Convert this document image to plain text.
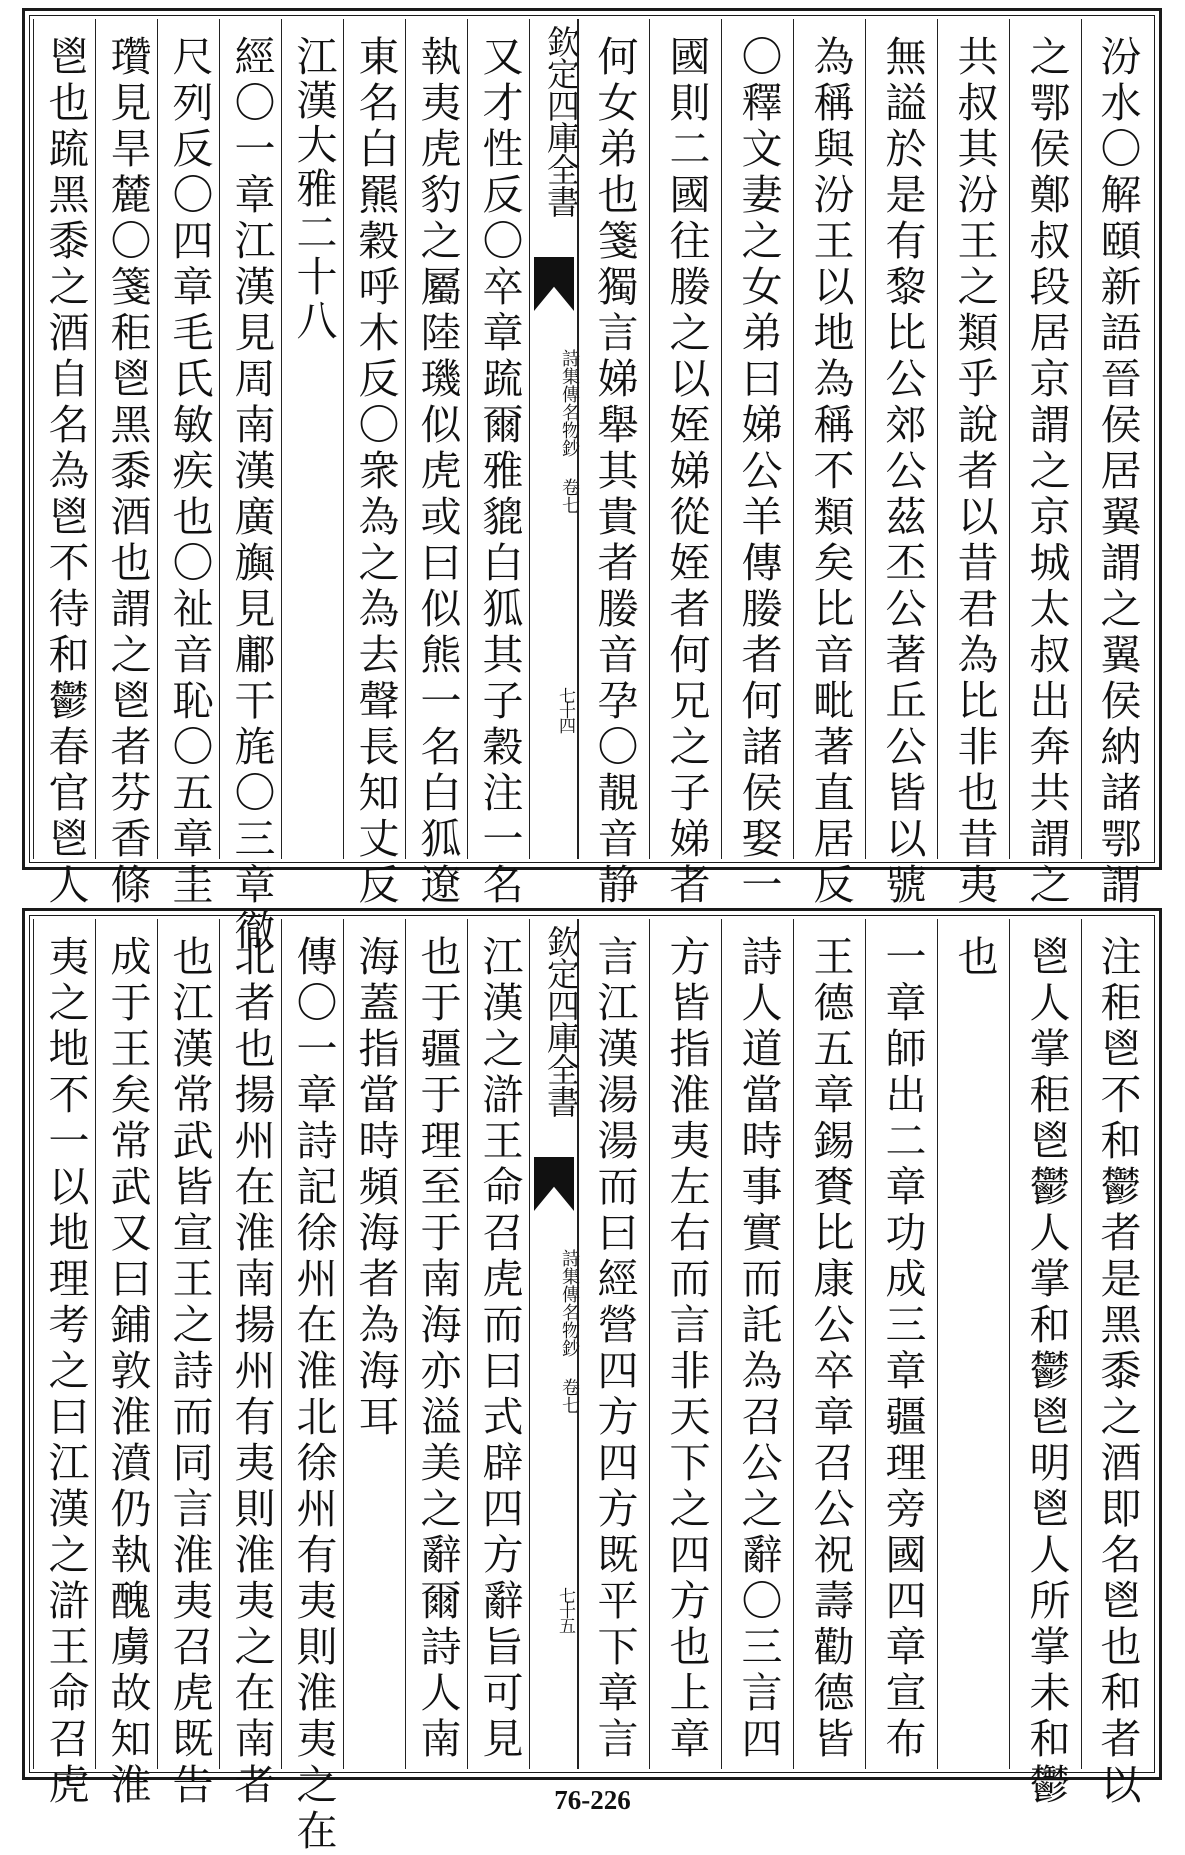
鬯也䟽黑黍之酒自名為鬯不待和鬱春官鬯人 瓚見旱麓〇箋秬鬯黑黍酒也謂之鬯者芬香條 尺列反〇四章毛氏敏疾也〇祉音恥〇五章圭 經〇一章江漢見周南漢廣旟見鄘干旄〇三章徹 江漢大雅二十八 東名白羆穀呼木反〇衆為之為去聲長知丈反 執夷虎豹之屬陸璣似虎或曰似熊一名白狐遼 又才性反〇卒章䟽爾雅貔白狐其子穀注一名 欽定四庫全書
詩集傳名物鈔 卷七
七十四 何女弟也箋獨言娣舉其貴者媵音孕〇靚音静 國則二國往媵之以姪娣從姪者何兄之子娣者 〇釋文妻之女弟曰娣公羊傳媵者何諸侯娶一 為稱與汾王以地為稱不類矣比音毗著直居反 無謚於是有黎比公郊公茲丕公著丘公皆以號 共叔其汾王之類乎說者以昔君為比非也昔夷 之鄂侯鄭叔段居京謂之京城太叔出奔共謂之 汾水〇解頤新語晉侯居翼謂之翼侯納諸鄂謂
夷之地不一以地理考之曰江漢之滸王命召虎 成于王矣常武又曰鋪敦淮濆仍執醜虜故知淮 也江漢常武皆宣王之詩而同言淮夷召虎既告 北者也揚州在淮南揚州有夷則淮夷之在南者 傳〇一章詩記徐州在淮北徐州有夷則淮夷之在 海蓋指當時頻海者為海耳 也于疆于理至于南海亦溢美之辭爾詩人南 江漢之滸王命召虎而曰式辟四方辭旨可見 欽定四庫全書
詩集傳名物鈔 卷七
七十五 言江漢湯湯而曰經營四方四方既平下章言 方皆指淮夷左右而言非天下之四方也上章 詩人道當時事實而託為召公之辭〇三言四 王德五章錫賚比康公卒章召公祝壽勸德皆 一章師出二章功成三章疆理旁國四章宣布 也 鬯人掌秬鬯鬱人掌和鬱鬯明鬯人所掌未和鬱 注秬鬯不和鬱者是黑黍之酒即名鬯也和者以
76-226
